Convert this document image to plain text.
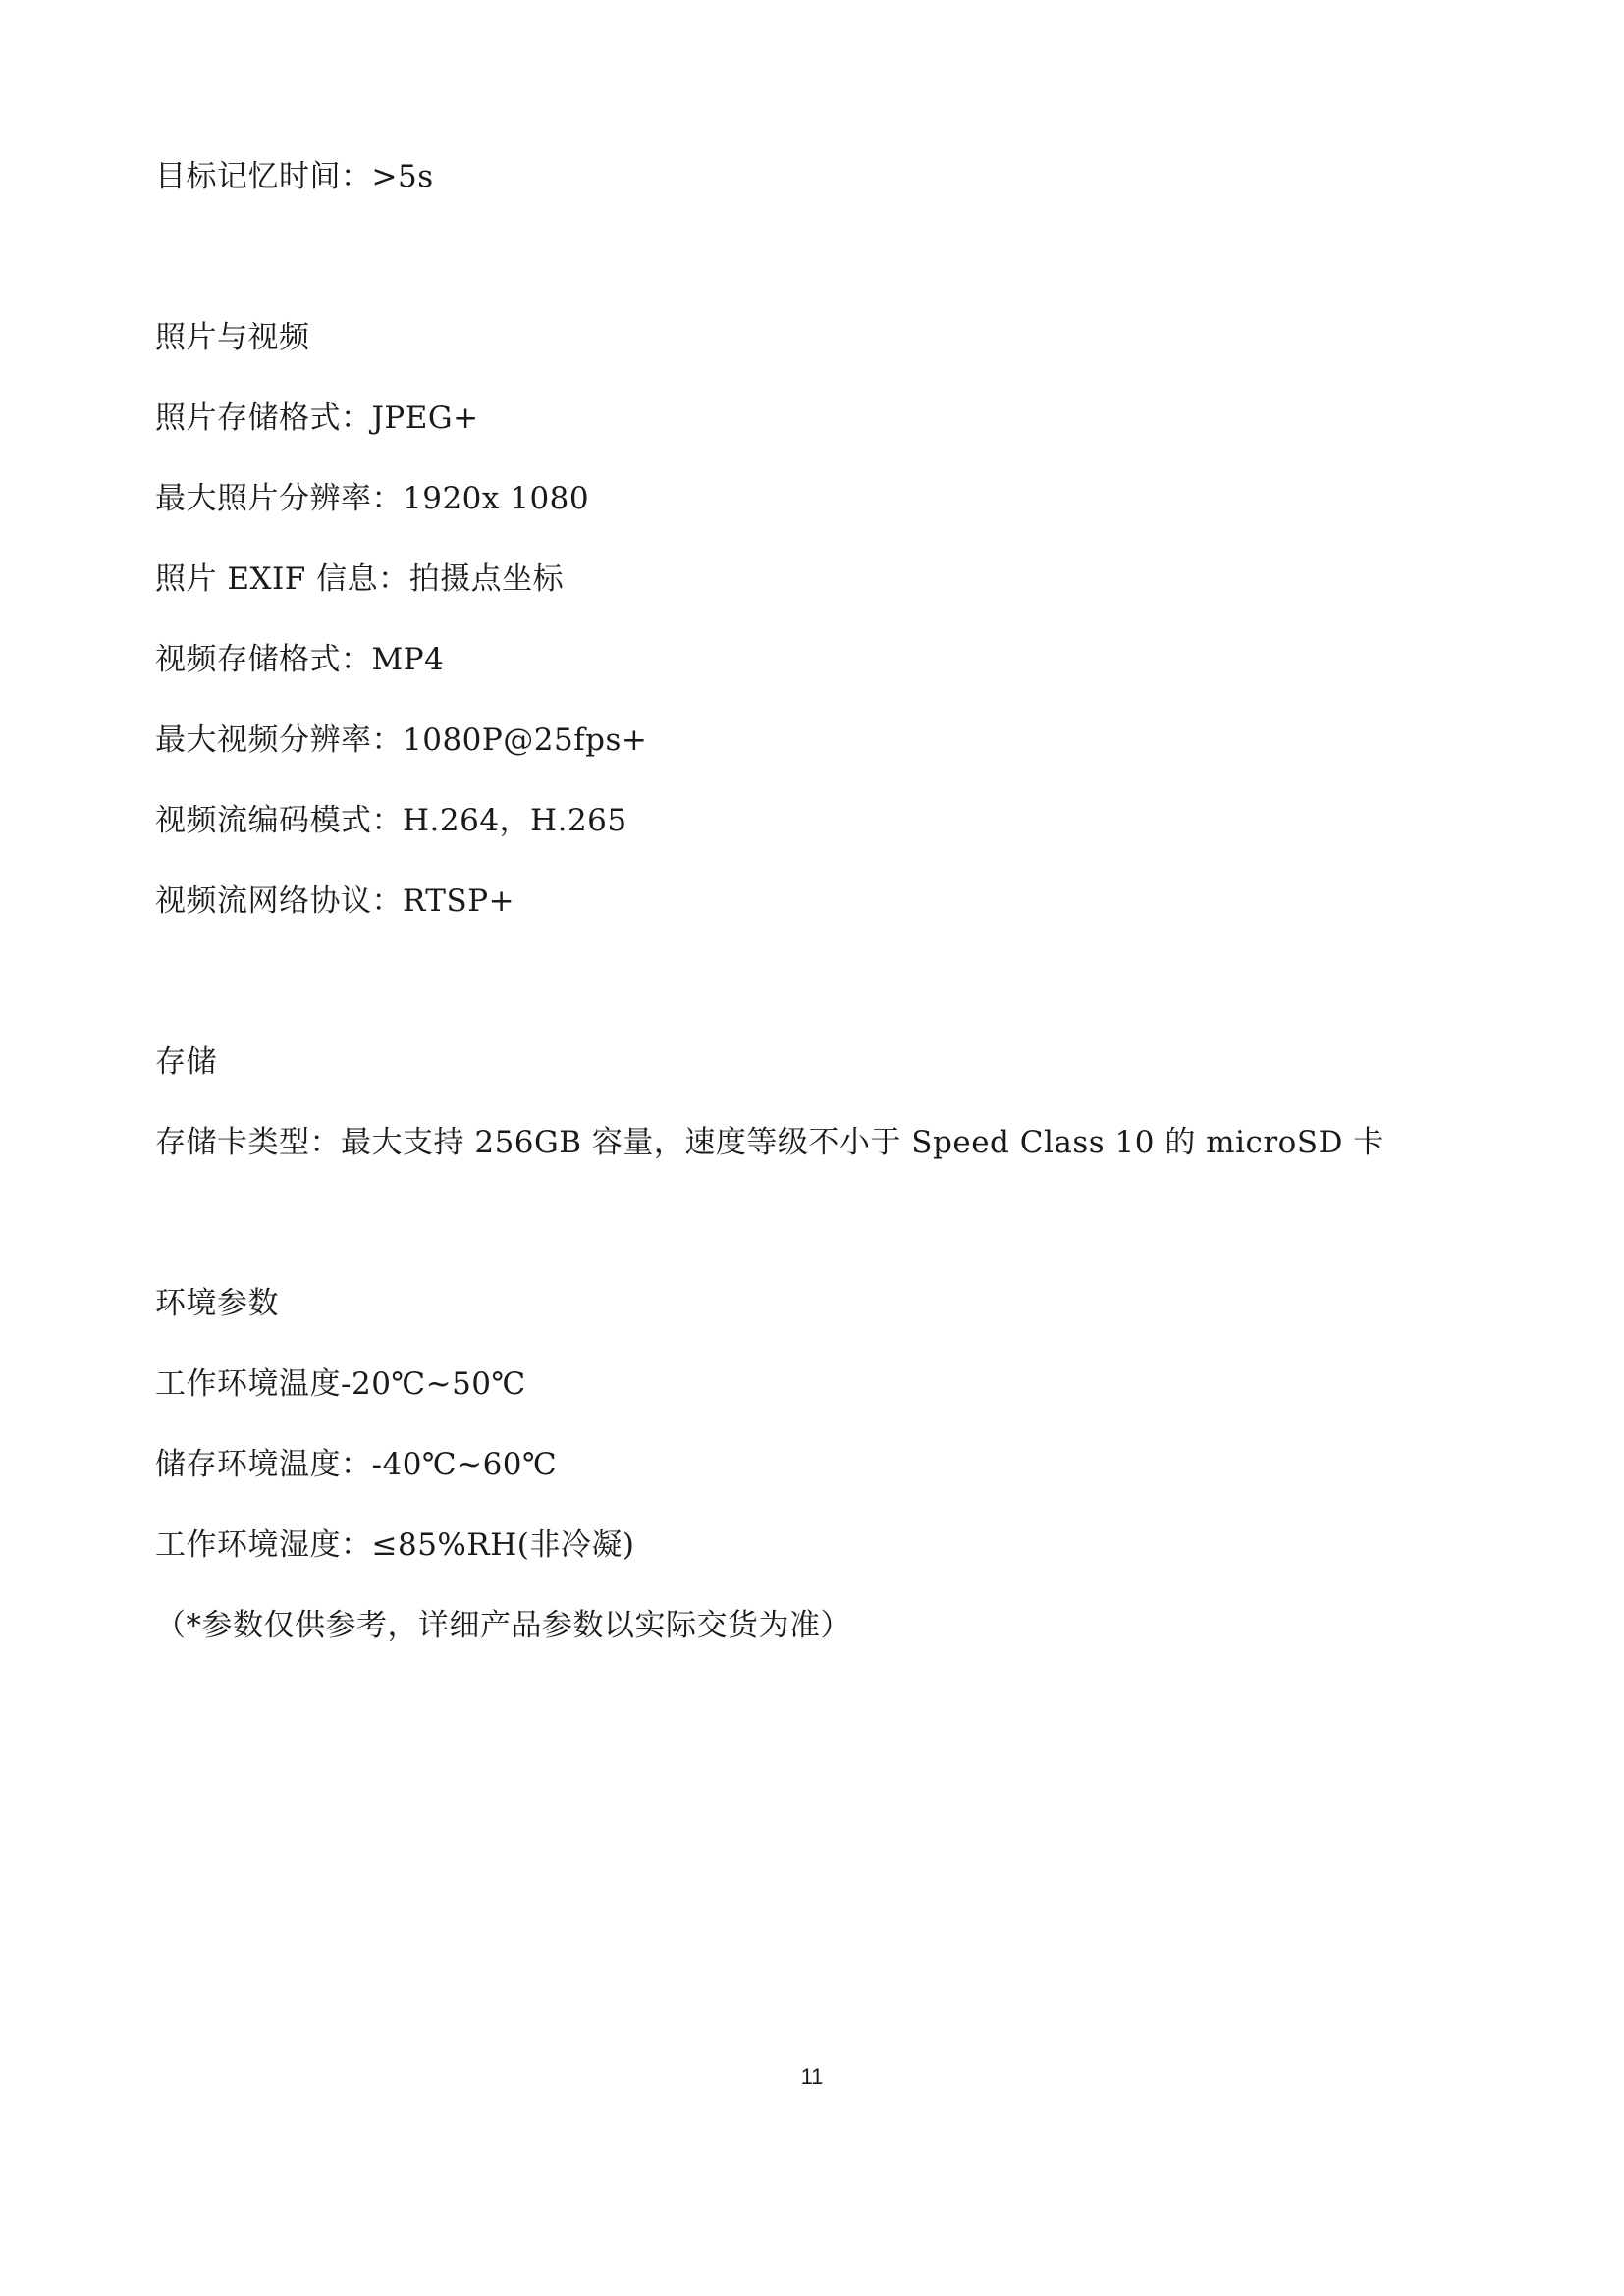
目标记忆时间：>5s
照片与视频
照片存储格式：JPEG+
最大照片分辨率：1920x 1080
照片 EXIF 信息：拍摄点坐标
视频存储格式：MP4
最大视频分辨率：1080P@25fps+
视频流编码模式：H.264，H.265
视频流网络协议：RTSP+
存储
存储卡类型：最大支持 256GB 容量，速度等级不小于 Speed Class 10 的 microSD 卡
环境参数
工作环境温度-20℃~50℃
储存环境温度：-40℃~60℃
工作环境湿度：≤85%RH(非冷凝)
（*参数仅供参考，详细产品参数以实际交货为准）
11
